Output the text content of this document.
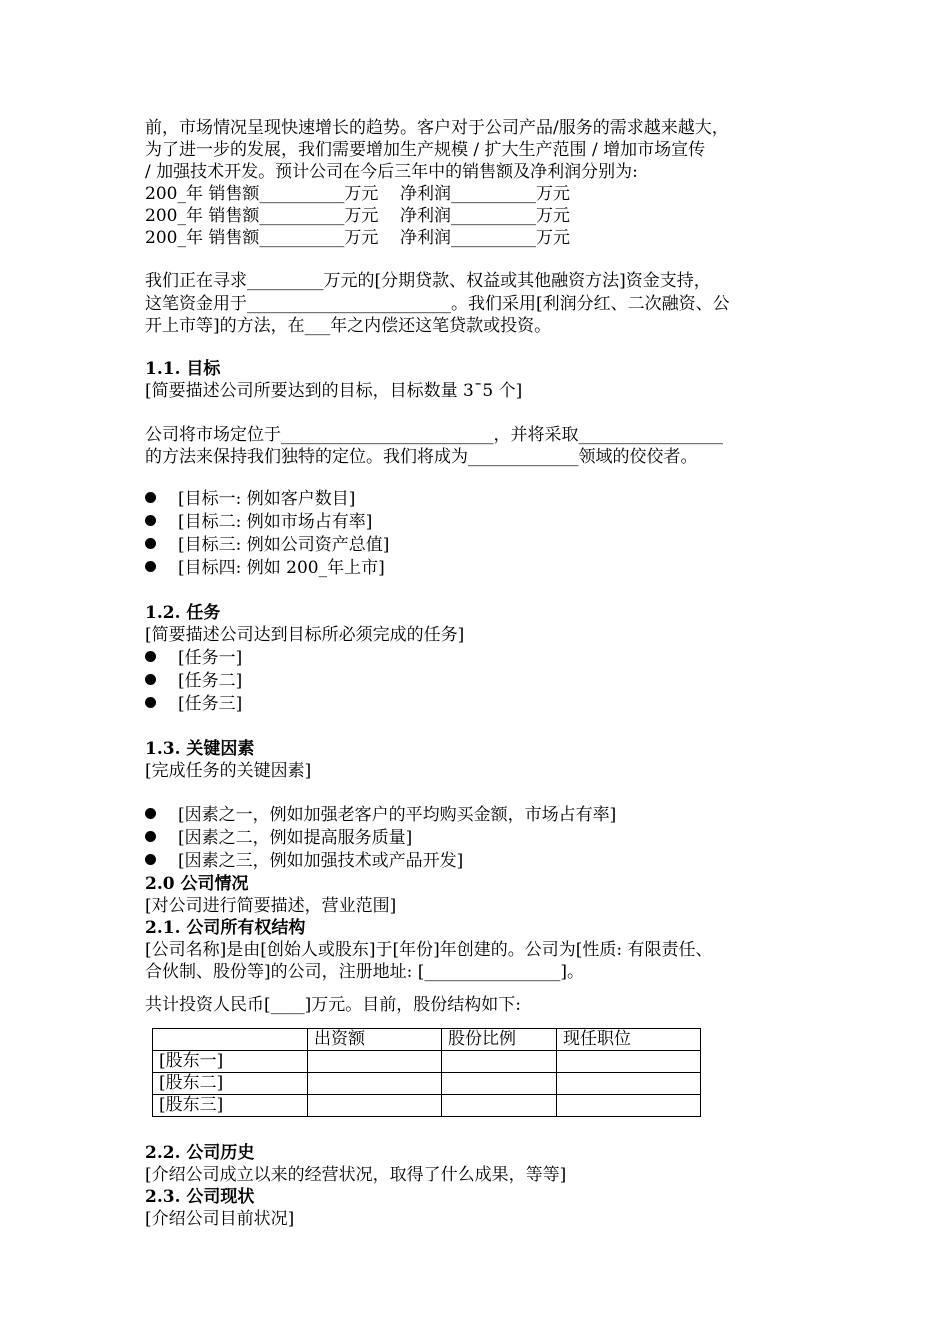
前，市场情况呈现快速增长的趋势。客户对于公司产品/服务的需求越来越大，
为了进一步的发展，我们需要增加生产规模 / 扩大生产范围 / 增加市场宣传
/ 加强技术开发。预计公司在今后三年中的销售额及净利润分别为:
200_年 销售额__________万元    净利润__________万元
200_年 销售额__________万元    净利润__________万元
200_年 销售额__________万元    净利润__________万元
我们正在寻求_________万元的[分期贷款、权益或其他融资方法]资金支持，
这笔资金用于________________________。我们采用[利润分红、二次融资、公
开上市等]的方法，在___年之内偿还这笔贷款或投资。
1.1. 目标
[简要描述公司所要达到的目标，目标数量 3¯5 个]
公司将市场定位于_________________________，并将采取_________________
的方法来保持我们独特的定位。我们将成为_____________领域的佼佼者。
[目标一: 例如客户数目]
[目标二: 例如市场占有率]
[目标三: 例如公司资产总值]
[目标四: 例如 200_年上市]
1.2. 任务
[简要描述公司达到目标所必须完成的任务]
[任务一]
[任务二]
[任务三]
1.3. 关键因素
[完成任务的关键因素]
[因素之一，例如加强老客户的平均购买金额，市场占有率]
[因素之二，例如提高服务质量]
[因素之三，例如加强技术或产品开发]
2.0 公司情况
[对公司进行简要描述，营业范围]
2.1. 公司所有权结构
[公司名称]是由[创始人或股东]于[年份]年创建的。公司为[性质: 有限责任、
合伙制、股份等]的公司，注册地址: [________________]。
共计投资人民币[____]万元。目前，股份结构如下:
	出资额	股份比例	现任职位
[股东一]			
[股东二]			
[股东三]			
2.2. 公司历史
[介绍公司成立以来的经营状况，取得了什么成果，等等]
2.3. 公司现状
[介绍公司目前状况]
